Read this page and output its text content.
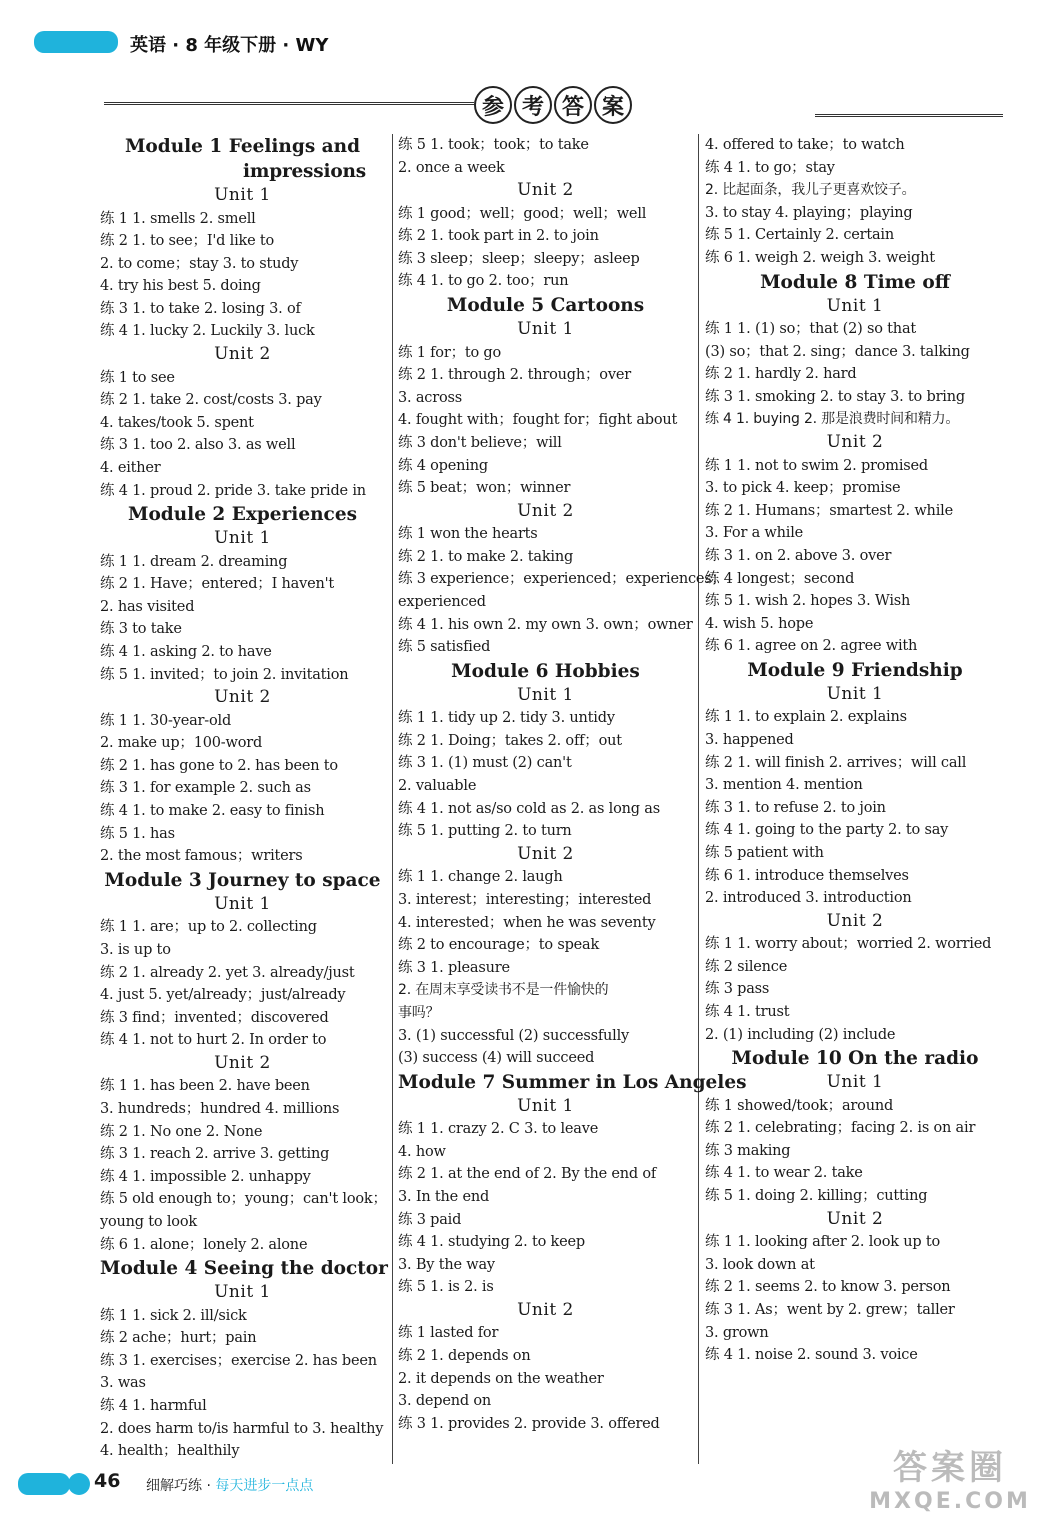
英语 · 8 年级下册 · WY
参 考 答 案
Module 1 Feelings and
impressions
Unit 1
练 1 1. smells 2. smell
练 2 1. to see；I'd like to
2. to come；stay 3. to study
4. try his best 5. doing
练 3 1. to take 2. losing 3. of
练 4 1. lucky 2. Luckily 3. luck
Unit 2
练 1 to see
练 2 1. take 2. cost/costs 3. pay
4. takes/took 5. spent
练 3 1. too 2. also 3. as well
4. either
练 4 1. proud 2. pride 3. take pride in
Module 2 Experiences
Unit 1
练 1 1. dream 2. dreaming
练 2 1. Have；entered；I haven't
2. has visited
练 3 to take
练 4 1. asking 2. to have
练 5 1. invited；to join 2. invitation
Unit 2
练 1 1. 30-year-old
2. make up；100-word
练 2 1. has gone to 2. has been to
练 3 1. for example 2. such as
练 4 1. to make 2. easy to finish
练 5 1. has
2. the most famous；writers
Module 3 Journey to space
Unit 1
练 1 1. are；up to 2. collecting
3. is up to
练 2 1. already 2. yet 3. already/just
4. just 5. yet/already；just/already
练 3 find；invented；discovered
练 4 1. not to hurt 2. In order to
Unit 2
练 1 1. has been 2. have been
3. hundreds；hundred 4. millions
练 2 1. No one 2. None
练 3 1. reach 2. arrive 3. getting
练 4 1. impossible 2. unhappy
练 5 old enough to；young；can't look；
young to look
练 6 1. alone；lonely 2. alone
Module 4 Seeing the doctor
Unit 1
练 1 1. sick 2. ill/sick
练 2 ache；hurt；pain
练 3 1. exercises；exercise 2. has been
3. was
练 4 1. harmful
2. does harm to/is harmful to 3. healthy
4. health；healthily
练 5 1. took；took；to take
2. once a week
Unit 2
练 1 good；well；good；well；well
练 2 1. took part in 2. to join
练 3 sleep；sleep；sleepy；asleep
练 4 1. to go 2. too；run
Module 5 Cartoons
Unit 1
练 1 for；to go
练 2 1. through 2. through；over
3. across
4. fought with；fought for；fight about
练 3 don't believe；will
练 4 opening
练 5 beat；won；winner
Unit 2
练 1 won the hearts
练 2 1. to make 2. taking
练 3 experience；experienced；experiences；
experienced
练 4 1. his own 2. my own 3. own；owner
练 5 satisfied
Module 6 Hobbies
Unit 1
练 1 1. tidy up 2. tidy 3. untidy
练 2 1. Doing；takes 2. off；out
练 3 1. (1) must (2) can't
2. valuable
练 4 1. not as/so cold as 2. as long as
练 5 1. putting 2. to turn
Unit 2
练 1 1. change 2. laugh
3. interest；interesting；interested
4. interested；when he was seventy
练 2 to encourage；to speak
练 3 1. pleasure
2. 在周末享受读书不是一件愉快的
事吗？
3. (1) successful (2) successfully
(3) success (4) will succeed
Module 7 Summer in Los Angeles
Unit 1
练 1 1. crazy 2. C 3. to leave
4. how
练 2 1. at the end of 2. By the end of
3. In the end
练 3 paid
练 4 1. studying 2. to keep
3. By the way
练 5 1. is 2. is
Unit 2
练 1 lasted for
练 2 1. depends on
2. it depends on the weather
3. depend on
练 3 1. provides 2. provide 3. offered
4. offered to take；to watch
练 4 1. to go；stay
2. 比起面条，我儿子更喜欢饺子。
3. to stay 4. playing；playing
练 5 1. Certainly 2. certain
练 6 1. weigh 2. weigh 3. weight
Module 8 Time off
Unit 1
练 1 1. (1) so；that (2) so that
(3) so；that 2. sing；dance 3. talking
练 2 1. hardly 2. hard
练 3 1. smoking 2. to stay 3. to bring
练 4 1. buying 2. 那是浪费时间和精力。
Unit 2
练 1 1. not to swim 2. promised
3. to pick 4. keep；promise
练 2 1. Humans；smartest 2. while
3. For a while
练 3 1. on 2. above 3. over
练 4 longest；second
练 5 1. wish 2. hopes 3. Wish
4. wish 5. hope
练 6 1. agree on 2. agree with
Module 9 Friendship
Unit 1
练 1 1. to explain 2. explains
3. happened
练 2 1. will finish 2. arrives；will call
3. mention 4. mention
练 3 1. to refuse 2. to join
练 4 1. going to the party 2. to say
练 5 patient with
练 6 1. introduce themselves
2. introduced 3. introduction
Unit 2
练 1 1. worry about；worried 2. worried
练 2 silence
练 3 pass
练 4 1. trust
2. (1) including (2) include
Module 10 On the radio
Unit 1
练 1 showed/took；around
练 2 1. celebrating；facing 2. is on air
练 3 making
练 4 1. to wear 2. take
练 5 1. doing 2. killing；cutting
Unit 2
练 1 1. looking after 2. look up to
3. look down at
练 2 1. seems 2. to know 3. person
练 3 1. As；went by 2. grew；taller
3. grown
练 4 1. noise 2. sound 3. voice
46 细解巧练 · 每天进步一点点	答案圈
MXQE.COM
